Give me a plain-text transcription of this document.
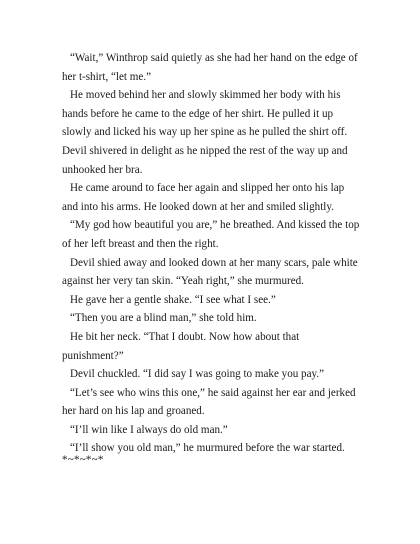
“Wait,” Winthrop said quietly as she had her hand on the edge of her t-shirt, “let me.”

He moved behind her and slowly skimmed her body with his hands before he came to the edge of her shirt. He pulled it up slowly and licked his way up her spine as he pulled the shirt off. Devil shivered in delight as he nipped the rest of the way up and unhooked her bra.

He came around to face her again and slipped her onto his lap and into his arms. He looked down at her and smiled slightly.

“My god how beautiful you are,” he breathed. And kissed the top of her left breast and then the right.

Devil shied away and looked down at her many scars, pale white against her very tan skin. “Yeah right,” she murmured.

He gave her a gentle shake. “I see what I see.”

“Then you are a blind man,” she told him.

He bit her neck. “That I doubt. Now how about that punishment?”

Devil chuckled. “I did say I was going to make you pay.”

“Let’s see who wins this one,” he said against her ear and jerked her hard on his lap and groaned.

“I’ll win like I always do old man.”

“I’ll show you old man,” he murmured before the war started.

*~*~*~*
